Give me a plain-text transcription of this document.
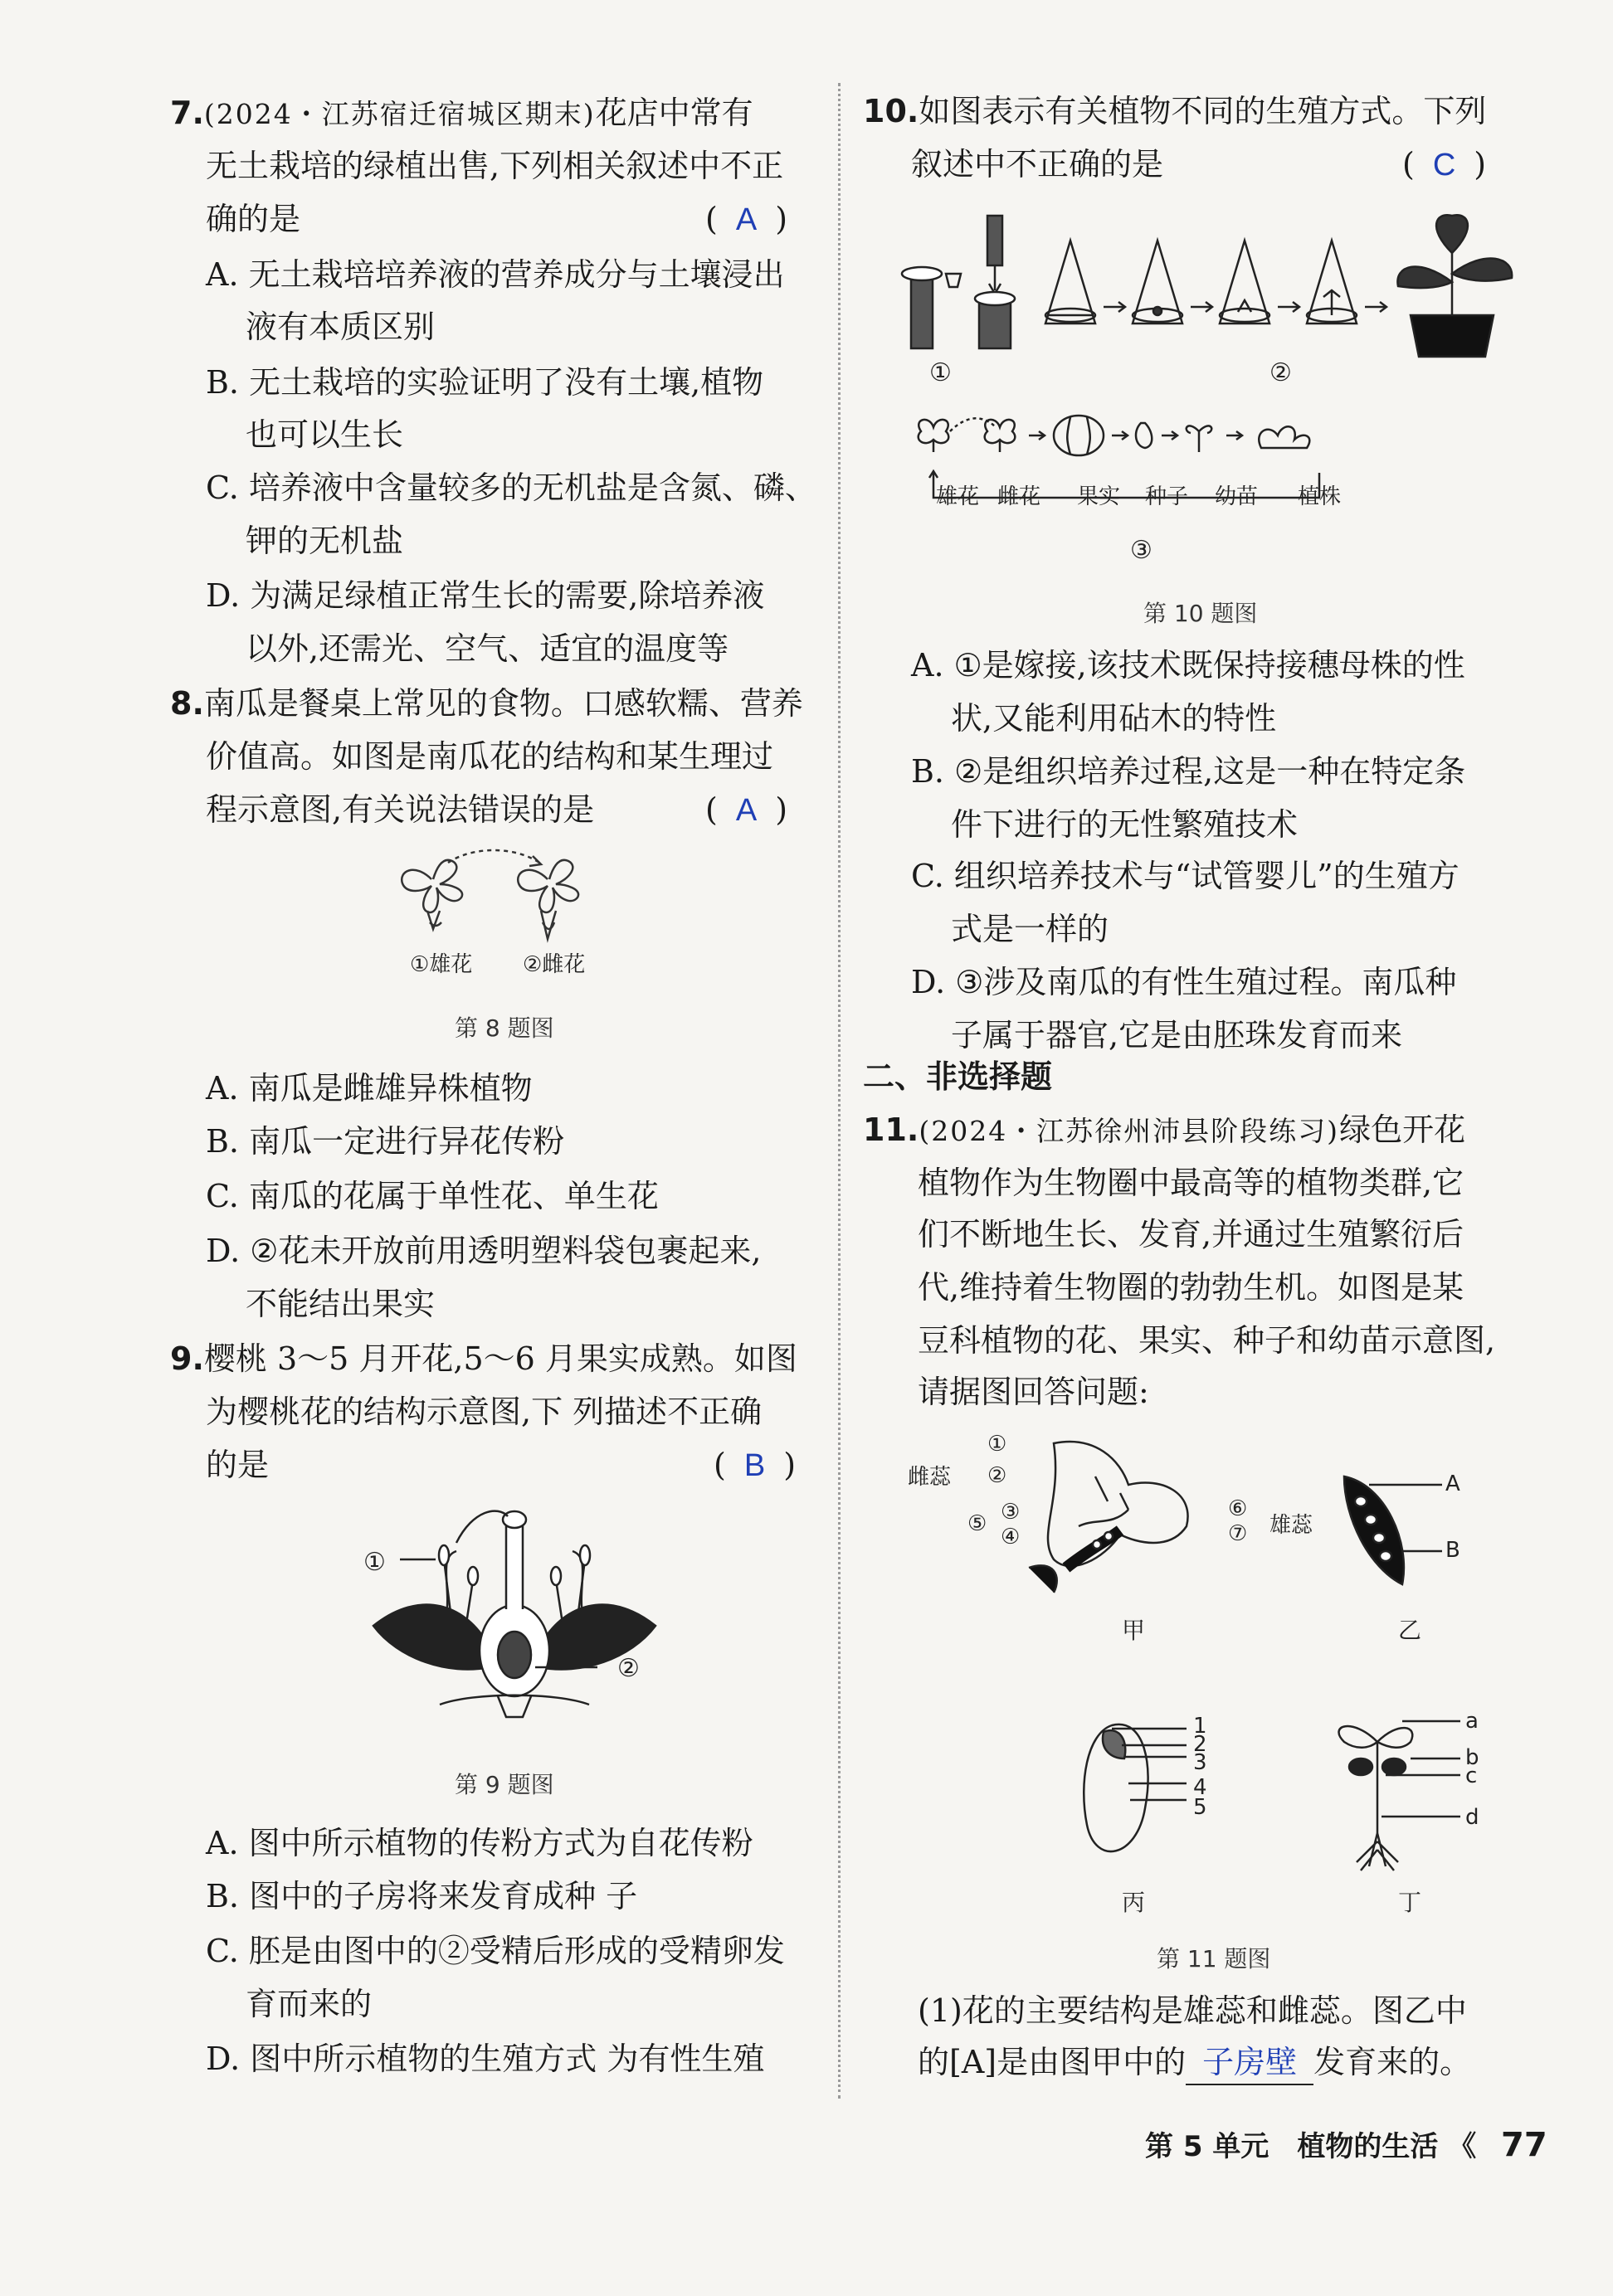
7.(2024・江苏宿迁宿城区期末)花店中常有
无土栽培的绿植出售,下列相关叙述中不正
确的是	( A )
A. 无土栽培培养液的营养成分与土壤浸出
液有本质区别
B. 无土栽培的实验证明了没有土壤,植物
也可以生长
C. 培养液中含量较多的无机盐是含氮、磷、
钾的无机盐
D. 为满足绿植正常生长的需要,除培养液
以外,还需光、空气、适宜的温度等
8.南瓜是餐桌上常见的食物。口感软糯、营养
价值高。如图是南瓜花的结构和某生理过
程示意图,有关说法错误的是	( A )
①雄花 ②雌花
第 8 题图
A. 南瓜是雌雄异株植物
B. 南瓜一定进行异花传粉
C. 南瓜的花属于单性花、单生花
D. ②花未开放前用透明塑料袋包裹起来,
不能结出果实
9.樱桃 3～5 月开花,5～6 月果实成熟。如图
为樱桃花的结构示意图,下 列描述不正确
的是	( B )
①
②
第 9 题图
A. 图中所示植物的传粉方式为自花传粉
B. 图中的子房将来发育成种 子
C. 胚是由图中的②受精后形成的受精卵发
育而来的
D. 图中所示植物的生殖方式 为有性生殖
10.如图表示有关植物不同的生殖方式。下列
叙述中不正确的是	( C )
①	②
雄花 雌花 果实 种子 幼苗 植株
③
第 10 题图
A. ①是嫁接,该技术既保持接穗母株的性
状,又能利用砧木的特性
B. ②是组织培养过程,这是一种在特定条
件下进行的无性繁殖技术
C. 组织培养技术与“试管婴儿”的生殖方
式是一样的
D. ③涉及南瓜的有性生殖过程。南瓜种
子属于器官,它是由胚珠发育而来
二、非选择题
11.(2024・江苏徐州沛县阶段练习)绿色开花
植物作为生物圈中最高等的植物类群,它
们不断地生长、发育,并通过生殖繁衍后
代,维持着生物圈的勃勃生机。如图是某
豆科植物的花、果实、种子和幼苗示意图,
请据图回答问题:
雌蕊
①
②
③
④
⑤
⑥
⑦ 雄蕊
甲
A
B
乙
1
2
3
4
5
丙
a
b
c
d
丁
第 11 题图
(1)花的主要结构是雄蕊和雌蕊。图乙中
的[A]是由图甲中的 子房壁 发育来的。
第 5 单元　植物的生活 《 77
